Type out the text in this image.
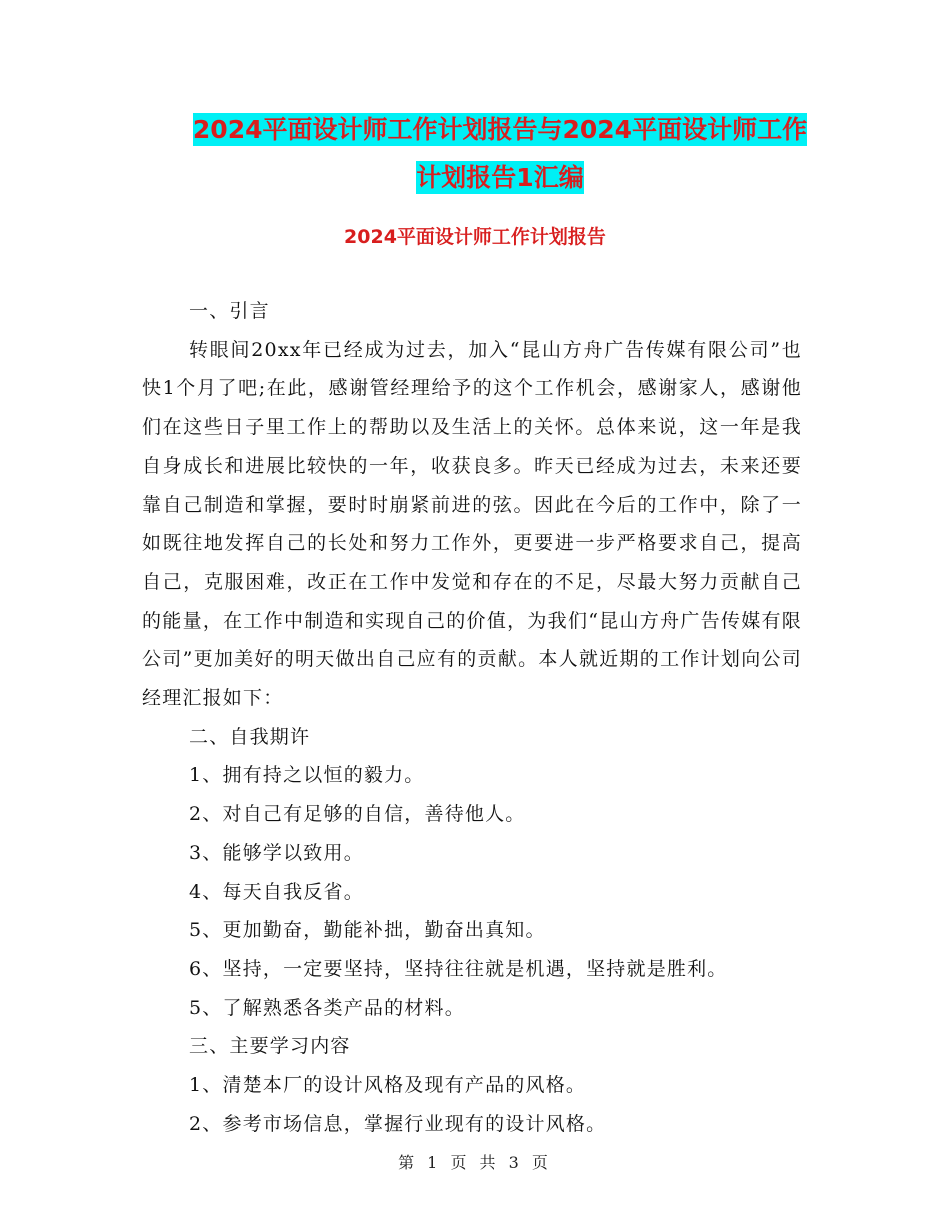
2024平面设计师工作计划报告与2024平面设计师工作
计划报告1汇编
2024平面设计师工作计划报告

一、引言

转眼间20xx年已经成为过去，加入“昆山方舟广告传媒有限公司”也快1个月了吧;在此，感谢管经理给予的这个工作机会，感谢家人，感谢他们在这些日子里工作上的帮助以及生活上的关怀。总体来说，这一年是我自身成长和进展比较快的一年，收获良多。昨天已经成为过去，未来还要靠自己制造和掌握，要时时崩紧前进的弦。因此在今后的工作中，除了一如既往地发挥自己的长处和努力工作外，更要进一步严格要求自己，提高自己，克服困难，改正在工作中发觉和存在的不足，尽最大努力贡献自己的能量，在工作中制造和实现自己的价值，为我们“昆山方舟广告传媒有限公司”更加美好的明天做出自己应有的贡献。本人就近期的工作计划向公司经理汇报如下：

二、自我期许

1、拥有持之以恒的毅力。

2、对自己有足够的自信，善待他人。

3、能够学以致用。

4、每天自我反省。

5、更加勤奋，勤能补拙，勤奋出真知。

6、坚持，一定要坚持，坚持往往就是机遇，坚持就是胜利。

5、了解熟悉各类产品的材料。

三、主要学习内容

1、清楚本厂的设计风格及现有产品的风格。

2、参考市场信息，掌握行业现有的设计风格。

第 1 页 共 3 页
